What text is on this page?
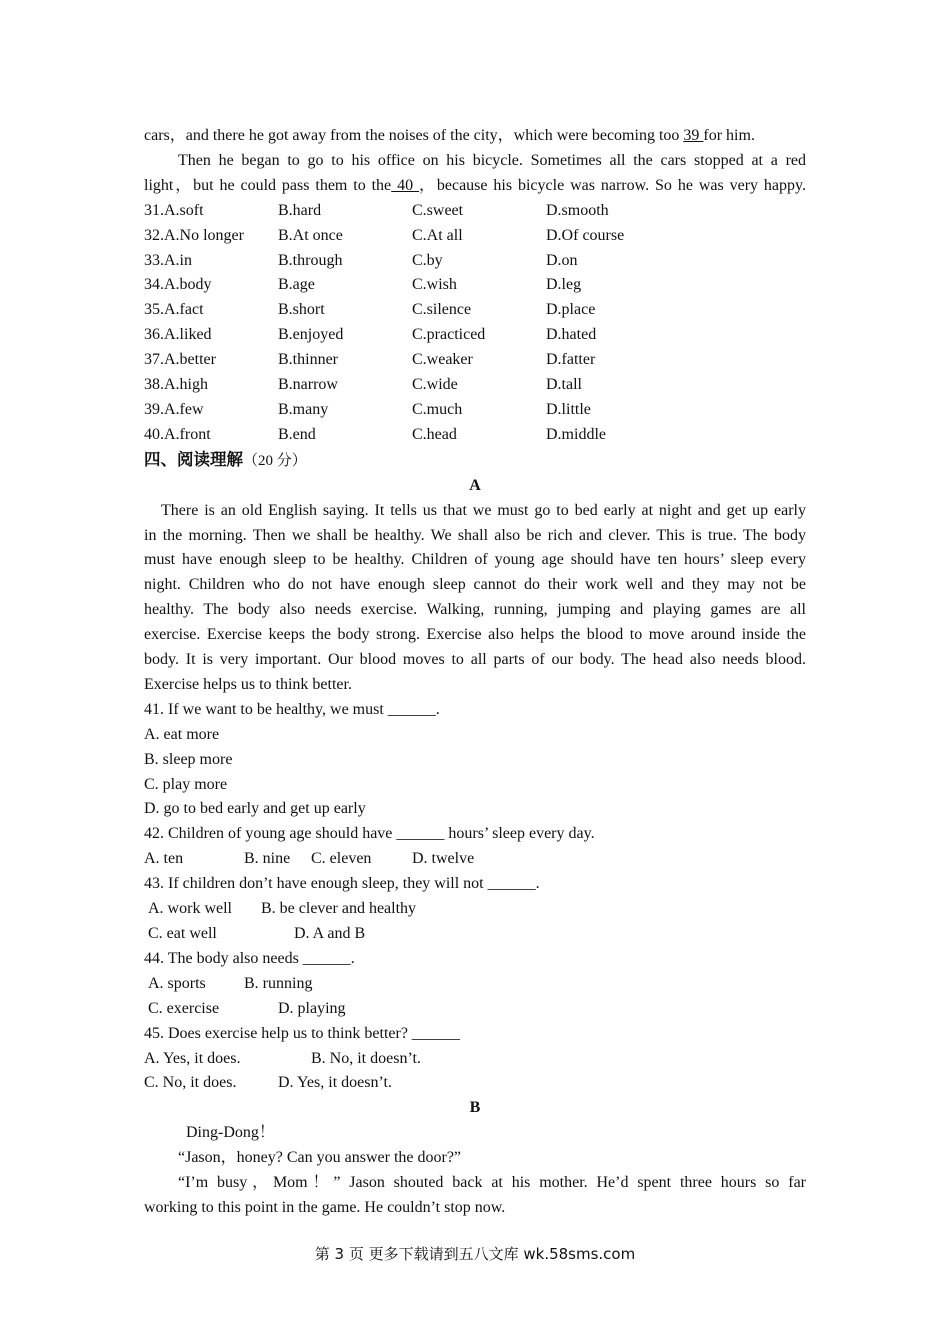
cars，and there he got away from the noises of the city，which were becoming too 39 for him.
Then he began to go to his office on his bicycle. Sometimes all the cars stopped at a red
light，but he could pass them to the 40 ，because his bicycle was narrow. So he was very happy.
31.A.soft	B.hard	C.sweet	D.smooth
32.A.No longer	B.At once	C.At all	D.Of course
33.A.in	B.through	C.by	D.on
34.A.body	B.age	C.wish	D.leg
35.A.fact	B.short	C.silence	D.place
36.A.liked	B.enjoyed	C.practiced	D.hated
37.A.better	B.thinner	C.weaker	D.fatter
38.A.high	B.narrow	C.wide	D.tall
39.A.few	B.many	C.much	D.little
40.A.front	B.end	C.head	D.middle
四、阅读理解（20 分）
A
There is an old English saying. It tells us that we must go to bed early at night and get up early
in the morning. Then we shall be healthy. We shall also be rich and clever. This is true. The body
must have enough sleep to be healthy. Children of young age should have ten hours’ sleep every
night. Children who do not have enough sleep cannot do their work well and they may not be
healthy. The body also needs exercise. Walking, running, jumping and playing games are all
exercise. Exercise keeps the body strong. Exercise also helps the blood to move around inside the
body. It is very important. Our blood moves to all parts of our body. The head also needs blood.
Exercise helps us to think better.
41. If we want to be healthy, we must ______.
A. eat more
B. sleep more
C. play more
D. go to bed early and get up early
42. Children of young age should have ______ hours’ sleep every day.
A. ten	B. nine C. eleven	D. twelve
43. If children don’t have enough sleep, they will not ______.
A. work well B. be clever and healthy
C. eat well	D. A and B
44. The body also needs ______.
A. sports B. running
C. exercise	D. playing
45. Does exercise help us to think better? ______
A. Yes, it does.	B. No, it doesn’t.
C. No, it does.	D. Yes, it doesn’t.
B
Ding-Dong！
“Jason，honey? Can you answer the door?”
“I’m busy，Mom！” Jason shouted back at his mother. He’d spent three hours so far
working to this point in the game. He couldn’t stop now.
第 3 页 更多下载请到五八文库 wk.58sms.com
